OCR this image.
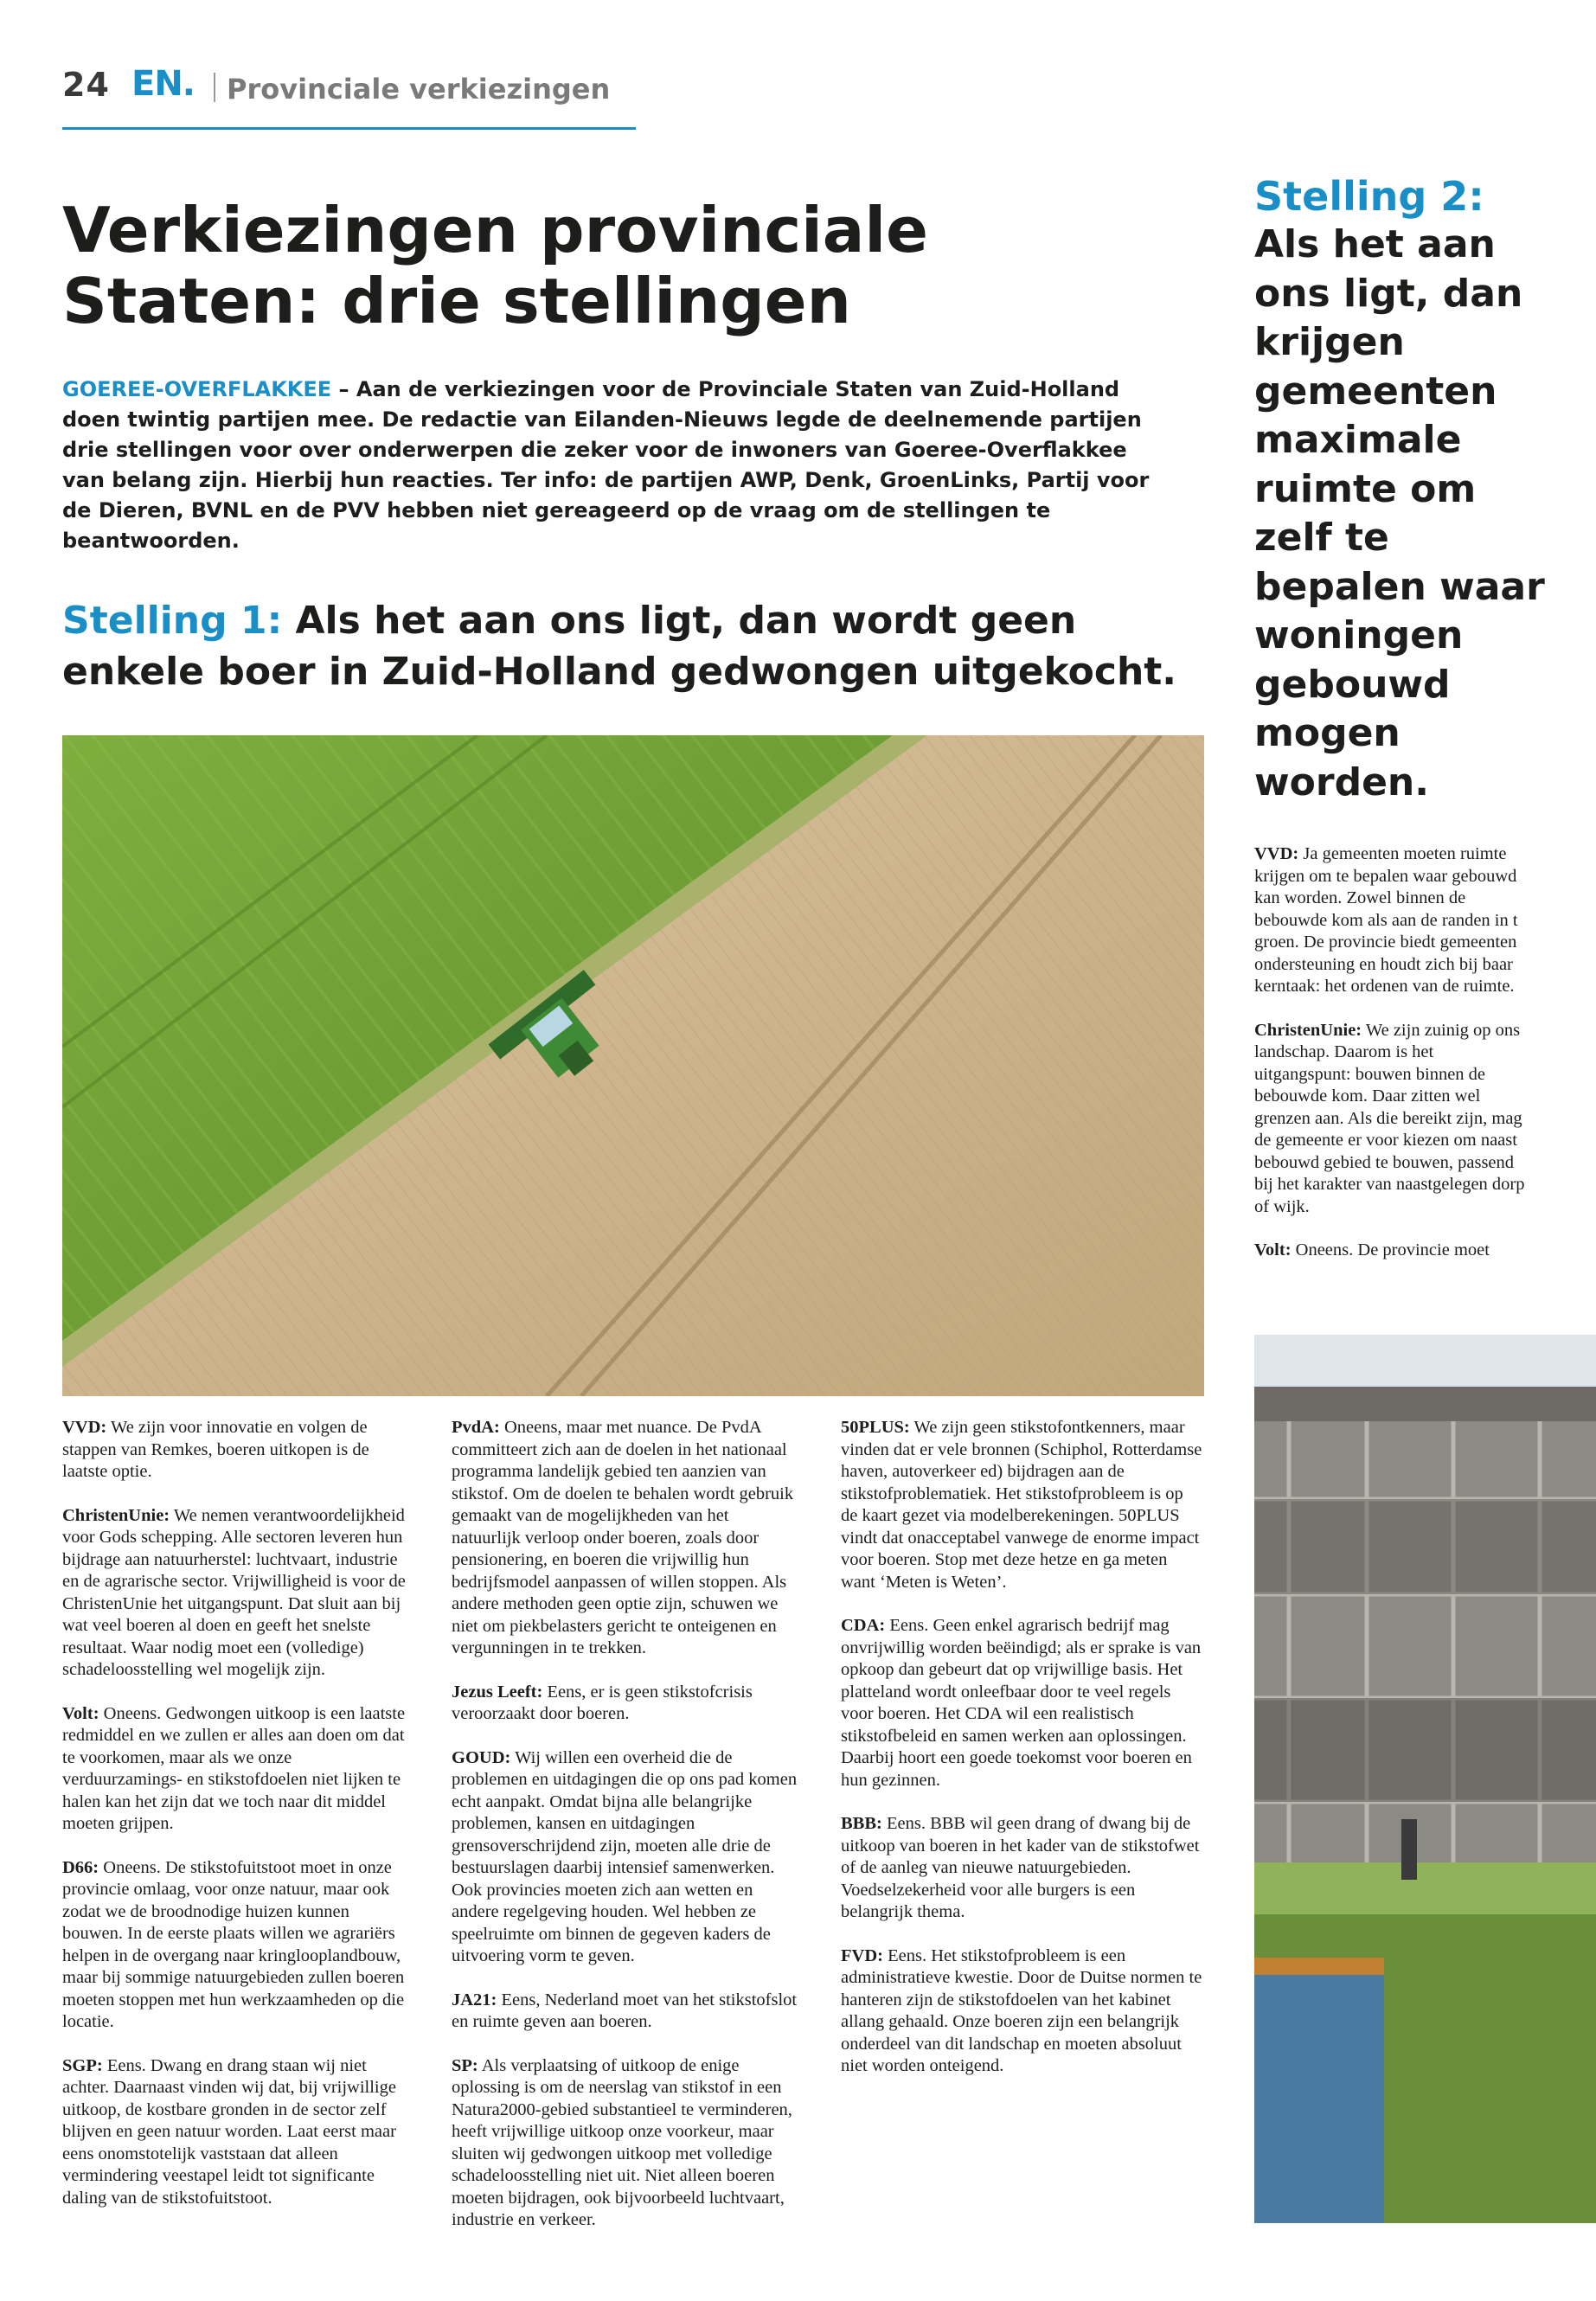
24 EN. Provinciale verkiezingen
Verkiezingen provinciale Staten: drie stellingen
GOEREE-OVERFLAKKEE – Aan de verkiezingen voor de Provinciale Staten van Zuid-Holland doen twintig partijen mee. De redactie van Eilanden-Nieuws legde de deelnemende partijen drie stellingen voor over onderwerpen die zeker voor de inwoners van Goeree-Overflakkee van belang zijn. Hierbij hun reacties. Ter info: de partijen AWP, Denk, GroenLinks, Partij voor de Dieren, BVNL en de PVV hebben niet gereageerd op de vraag om de stellingen te beantwoorden.
Stelling 1: Als het aan ons ligt, dan wordt geen enkele boer in Zuid-Holland gedwongen uitgekocht.

VVD: We zijn voor innovatie en volgen de stappen van Remkes, boeren uitkopen is de laatste optie.

ChristenUnie: We nemen verantwoordelijkheid voor Gods schepping. Alle sectoren leveren hun bijdrage aan natuurherstel: luchtvaart, industrie en de agrarische sector. Vrijwilligheid is voor de ChristenUnie het uitgangspunt. Dat sluit aan bij wat veel boeren al doen en geeft het snelste resultaat. Waar nodig moet een (volledige) schadeloosstelling wel mogelijk zijn.

Volt: Oneens. Gedwongen uitkoop is een laatste redmiddel en we zullen er alles aan doen om dat te voorkomen, maar als we onze verduurzamings- en stikstofdoelen niet lijken te halen kan het zijn dat we toch naar dit middel moeten grijpen.

D66: Oneens. De stikstofuitstoot moet in onze provincie omlaag, voor onze natuur, maar ook zodat we de broodnodige huizen kunnen bouwen. In de eerste plaats willen we agrariërs helpen in de overgang naar kringlooplandbouw, maar bij sommige natuurgebieden zullen boeren moeten stoppen met hun werkzaamheden op die locatie.

SGP: Eens. Dwang en drang staan wij niet achter. Daarnaast vinden wij dat, bij vrijwillige uitkoop, de kostbare gronden in de sector zelf blijven en geen natuur worden. Laat eerst maar eens onomstotelijk vaststaan dat alleen vermindering veestapel leidt tot significante daling van de stikstofuitstoot.

PvdA: Oneens, maar met nuance. De PvdA committeert zich aan de doelen in het nationaal programma landelijk gebied ten aanzien van stikstof. Om de doelen te behalen wordt gebruik gemaakt van de mogelijkheden van het natuurlijk verloop onder boeren, zoals door pensionering, en boeren die vrijwillig hun bedrijfsmodel aanpassen of willen stoppen. Als andere methoden geen optie zijn, schuwen we niet om piekbelasters gericht te onteigenen en vergunningen in te trekken.

Jezus Leeft: Eens, er is geen stikstofcrisis veroorzaakt door boeren.

GOUD: Wij willen een overheid die de problemen en uitdagingen die op ons pad komen echt aanpakt. Omdat bijna alle belangrijke problemen, kansen en uitdagingen grensoverschrijdend zijn, moeten alle drie de bestuurslagen daarbij intensief samenwerken. Ook provincies moeten zich aan wetten en andere regelgeving houden. Wel hebben ze speelruimte om binnen de gegeven kaders de uitvoering vorm te geven.

JA21: Eens, Nederland moet van het stikstofslot en ruimte geven aan boeren.

SP: Als verplaatsing of uitkoop de enige oplossing is om de neerslag van stikstof in een Natura2000-gebied substantieel te verminderen, heeft vrijwillige uitkoop onze voorkeur, maar sluiten wij gedwongen uitkoop met volledige schadeloosstelling niet uit. Niet alleen boeren moeten bijdragen, ook bijvoorbeeld luchtvaart, industrie en verkeer.

50PLUS: We zijn geen stikstofontkenners, maar vinden dat er vele bronnen (Schiphol, Rotterdamse haven, autoverkeer ed) bijdragen aan de stikstofproblematiek. Het stikstofprobleem is op de kaart gezet via modelberekeningen. 50PLUS vindt dat onacceptabel vanwege de enorme impact voor boeren. Stop met deze hetze en ga meten want ‘Meten is Weten’.

CDA: Eens. Geen enkel agrarisch bedrijf mag onvrijwillig worden beëindigd; als er sprake is van opkoop dan gebeurt dat op vrijwillige basis. Het platteland wordt onleefbaar door te veel regels voor boeren. Het CDA wil een realistisch stikstofbeleid en samen werken aan oplossingen. Daarbij hoort een goede toekomst voor boeren en hun gezinnen.

BBB: Eens. BBB wil geen drang of dwang bij de uitkoop van boeren in het kader van de stikstofwet of de aanleg van nieuwe natuurgebieden. Voedselzekerheid voor alle burgers is een belangrijk thema.

FVD: Eens. Het stikstofprobleem is een administratieve kwestie. Door de Duitse normen te hanteren zijn de stikstofdoelen van het kabinet allang gehaald. Onze boeren zijn een belangrijk onderdeel van dit landschap en moeten absoluut niet worden onteigend.

Stelling 2:
Als het aan ons ligt, dan krijgen gemeenten maximale ruimte om zelf te bepalen waar woningen gebouwd mogen worden.

VVD: Ja gemeenten moeten ruimte krijgen om te bepalen waar gebouwd kan worden. Zowel binnen de bebouwde kom als aan de randen in t groen. De provincie biedt gemeenten ondersteuning en houdt zich bij baar kerntaak: het ordenen van de ruimte.

ChristenUnie: We zijn zuinig op ons landschap. Daarom is het uitgangspunt: bouwen binnen de bebouwde kom. Daar zitten wel grenzen aan. Als die bereikt zijn, mag de gemeente er voor kiezen om naast bebouwd gebied te bouwen, passend bij het karakter van naastgelegen dorp of wijk.

Volt: Oneens. De provincie moet
